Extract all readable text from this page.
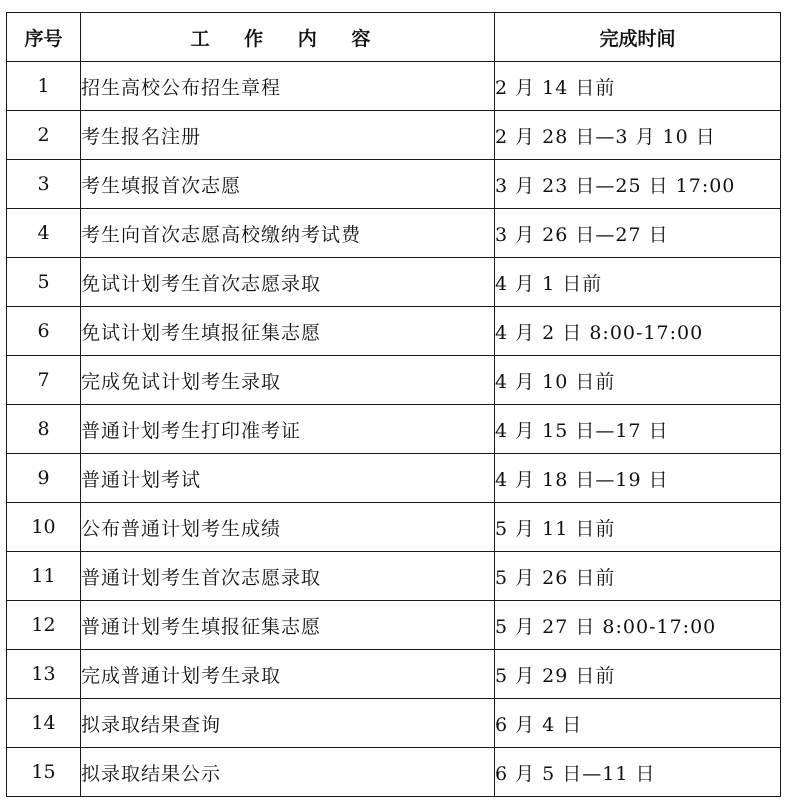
序号	工 作 内 容	完成时间
1	招生高校公布招生章程	2 月 14 日前
2	考生报名注册	2 月 28 日—3 月 10 日
3	考生填报首次志愿	3 月 23 日—25 日 17:00
4	考生向首次志愿高校缴纳考试费	3 月 26 日—27 日
5	免试计划考生首次志愿录取	4 月 1 日前
6	免试计划考生填报征集志愿	4 月 2 日 8:00-17:00
7	完成免试计划考生录取	4 月 10 日前
8	普通计划考生打印准考证	4 月 15 日—17 日
9	普通计划考试	4 月 18 日—19 日
10	公布普通计划考生成绩	5 月 11 日前
11	普通计划考生首次志愿录取	5 月 26 日前
12	普通计划考生填报征集志愿	5 月 27 日 8:00-17:00
13	完成普通计划考生录取	5 月 29 日前
14	拟录取结果查询	6 月 4 日
15	拟录取结果公示	6 月 5 日—11 日
